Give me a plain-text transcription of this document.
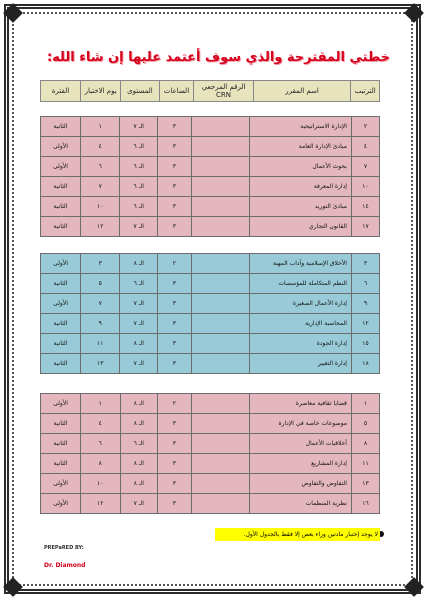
خطتي المقترحة والذي سوف أعتمد عليها إن شاء الله:
الترتيب	اسم المقرر	الرقم المرجعي CRN	الساعات	المستوى	يوم الاختبار	الفترة
٢	الإدارة الاستراتيجية		٣	الـ ٧	١	الثانية
٤	مبادئ الإدارة العامة		٣	الـ ٦	٤	الأولى
٧	بحوث الأعمال		٣	الـ ٦	٦	الأولى
١٠	إدارة المعرفة		٣	الـ ٦	٧	الثانية
١٤	مبادئ التوريد		٣	الـ ٦	١٠	الثانية
١٧	القانون التجاري		٣	الـ ٧	١٢	الثانية
٣	الأخلاق الإسلامية وآداب المهنة		٢	الـ ٨	٣	الأولى
٦	النظم المتكاملة للمؤسسات		٣	الـ ٦	٥	الثانية
٩	إدارة الأعمال الصغيرة		٣	الـ ٧	٧	الأولى
١٢	المحاسبة الإدارية		٣	الـ ٧	٩	الثانية
١٥	إدارة الجودة		٣	الـ ٨	١١	الثانية
١٨	إدارة التغيير		٣	الـ ٧	١٣	الثانية
١	قضايا ثقافية معاصرة		٢	الـ ٨	١	الأولى
٥	موضوعات خاصة في الإدارة		٣	الـ ٨	٤	الثانية
٨	أخلاقيات الأعمال		٣	الـ ٦	٦	الثانية
١١	إدارة المشاريع		٣	الـ ٨	٨	الثانية
١٣	التفاوض والتفاوض		٣	الـ ٨	١٠	الأولى
١٦	نظرية المنظمات		٣	الـ ٧	١٢	الأولى
لا يوجد إختبار مادتين وراء بعض إلا فقط بالجدول الأول.
PREPaRED BY:
Dr. Diamond
